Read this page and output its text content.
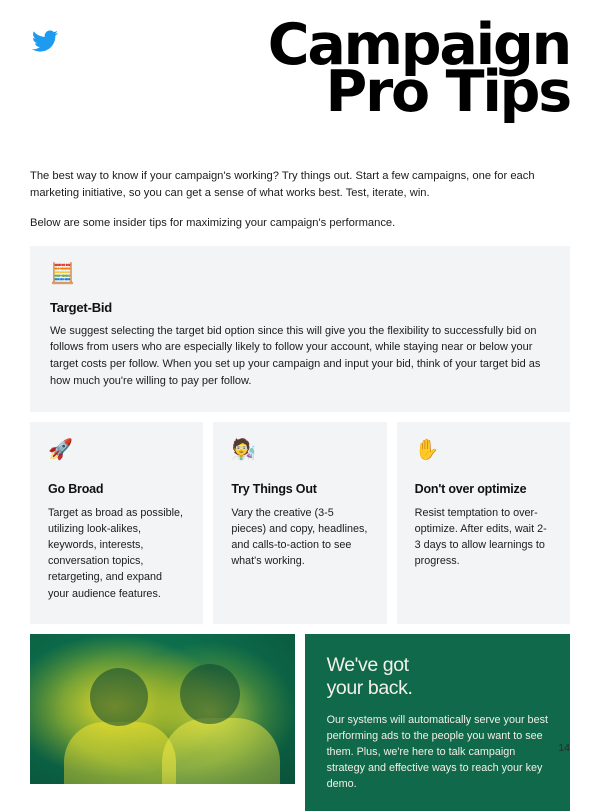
Campaign
Pro Tips

The best way to know if your campaign's working? Try things out. Start a few campaigns, one for each marketing initiative, so you can get a sense of what works best. Test, iterate, win.

Below are some insider tips for maximizing your campaign's performance.

🧮
Target-Bid

We suggest selecting the target bid option since this will give you the flexibility to successfully bid on follows from users who are especially likely to follow your account, while staying near or below your target costs per follow. When you set up your campaign and input your bid, think of your target bid as how much you're willing to pay per follow.

🚀
Go Broad

Target as broad as possible, utilizing look-alikes, keywords, interests, conversation topics, retargeting, and expand your audience features.

🧑‍🔬
Try Things Out

Vary the creative (3-5 pieces) and copy, headlines, and calls-to-action to see what's working.

✋
Don't over optimize

Resist temptation to over-optimize. After edits, wait 2-3 days to allow learnings to progress.

We've got
your back.

Our systems will automatically serve your best performing ads to the people you want to see them. Plus, we're here to talk campaign strategy and effective ways to reach your key demo.

14
